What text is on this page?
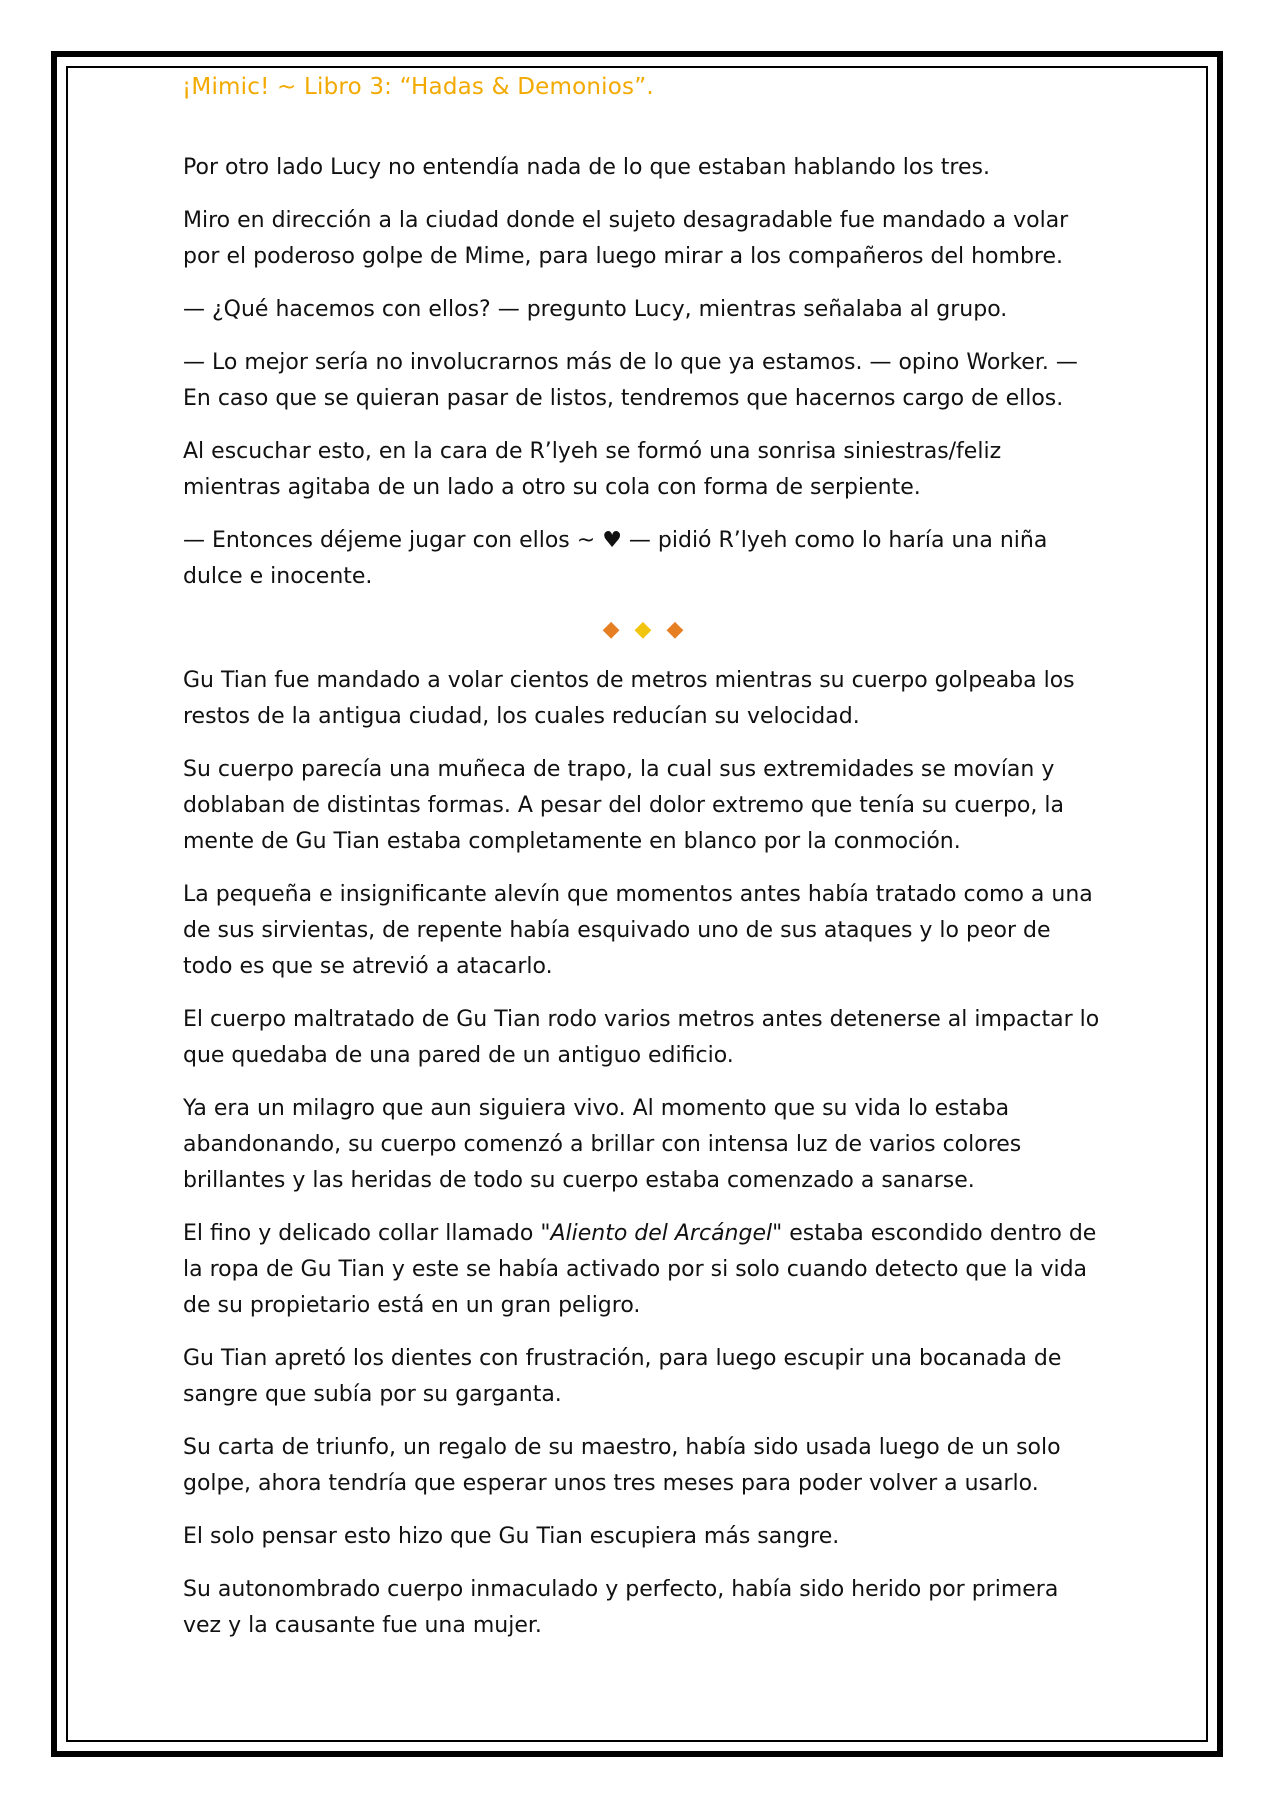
¡Mimic! ~ Libro 3: “Hadas & Demonios”.

Por otro lado Lucy no entendía nada de lo que estaban hablando los tres.

Miro en dirección a la ciudad donde el sujeto desagradable fue mandado a volar por el poderoso golpe de Mime, para luego mirar a los compañeros del hombre.

— ¿Qué hacemos con ellos? — pregunto Lucy, mientras señalaba al grupo.

— Lo mejor sería no involucrarnos más de lo que ya estamos. — opino Worker. — En caso que se quieran pasar de listos, tendremos que hacernos cargo de ellos.

Al escuchar esto, en la cara de R’lyeh se formó una sonrisa siniestras/feliz mientras agitaba de un lado a otro su cola con forma de serpiente.

— Entonces déjeme jugar con ellos ~ ♥ — pidió R’lyeh como lo haría una niña dulce e inocente.

◆ ◆ ◆

Gu Tian fue mandado a volar cientos de metros mientras su cuerpo golpeaba los restos de la antigua ciudad, los cuales reducían su velocidad.

Su cuerpo parecía una muñeca de trapo, la cual sus extremidades se movían y doblaban de distintas formas. A pesar del dolor extremo que tenía su cuerpo, la mente de Gu Tian estaba completamente en blanco por la conmoción.

La pequeña e insignificante alevín que momentos antes había tratado como a una de sus sirvientas, de repente había esquivado uno de sus ataques y lo peor de todo es que se atrevió a atacarlo.

El cuerpo maltratado de Gu Tian rodo varios metros antes detenerse al impactar lo que quedaba de una pared de un antiguo edificio.

Ya era un milagro que aun siguiera vivo. Al momento que su vida lo estaba abandonando, su cuerpo comenzó a brillar con intensa luz de varios colores brillantes y las heridas de todo su cuerpo estaba comenzado a sanarse.

El fino y delicado collar llamado "Aliento del Arcángel" estaba escondido dentro de la ropa de Gu Tian y este se había activado por si solo cuando detecto que la vida de su propietario está en un gran peligro.

Gu Tian apretó los dientes con frustración, para luego escupir una bocanada de sangre que subía por su garganta.

Su carta de triunfo, un regalo de su maestro, había sido usada luego de un solo golpe, ahora tendría que esperar unos tres meses para poder volver a usarlo.

El solo pensar esto hizo que Gu Tian escupiera más sangre.

Su autonombrado cuerpo inmaculado y perfecto, había sido herido por primera vez y la causante fue una mujer.
